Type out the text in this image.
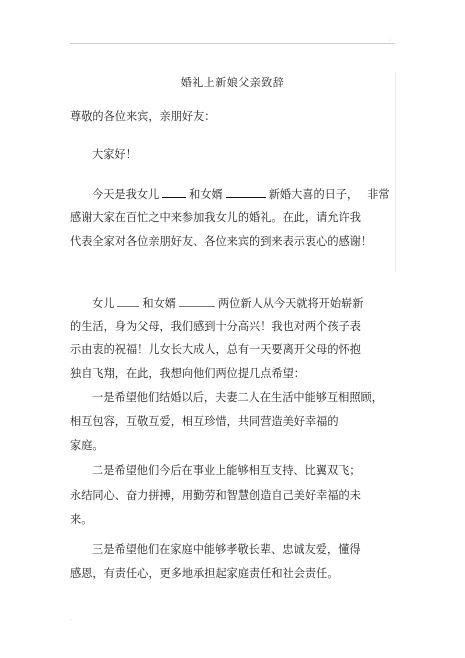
:
婚礼上新娘父亲致辞
尊敬的各位来宾，亲朋好友：
大家好！
今天是我女儿	和女婿	新婚大喜的日子， 非常
感谢大家在百忙之中来参加我女儿的婚礼。在此，请允许我
代表全家对各位亲朋好友、各位来宾的到来表示衷心的感谢！
女儿	和女婿	两位新人从今天就将开始崭新
的生活，身为父母，我们感到十分高兴！我也对两个孩子表
示由衷的祝福！儿女长大成人，总有一天要离开父母的怀抱
独自飞翔，在此，我想向他们两位提几点希望：
一是希望他们结婚以后，夫妻二人在生活中能够互相照顾，
相互包容，互敬互爱，相互珍惜，共同营造美好幸福的
家庭。
二是希望他们今后在事业上能够相互支持、比翼双飞；
永结同心、奋力拼搏，用勤劳和智慧创造自己美好幸福的未
来。
三是希望他们在家庭中能够孝敬长辈、忠诚友爱，懂得
感恩，有责任心，更多地承担起家庭责任和社会责任。
·
